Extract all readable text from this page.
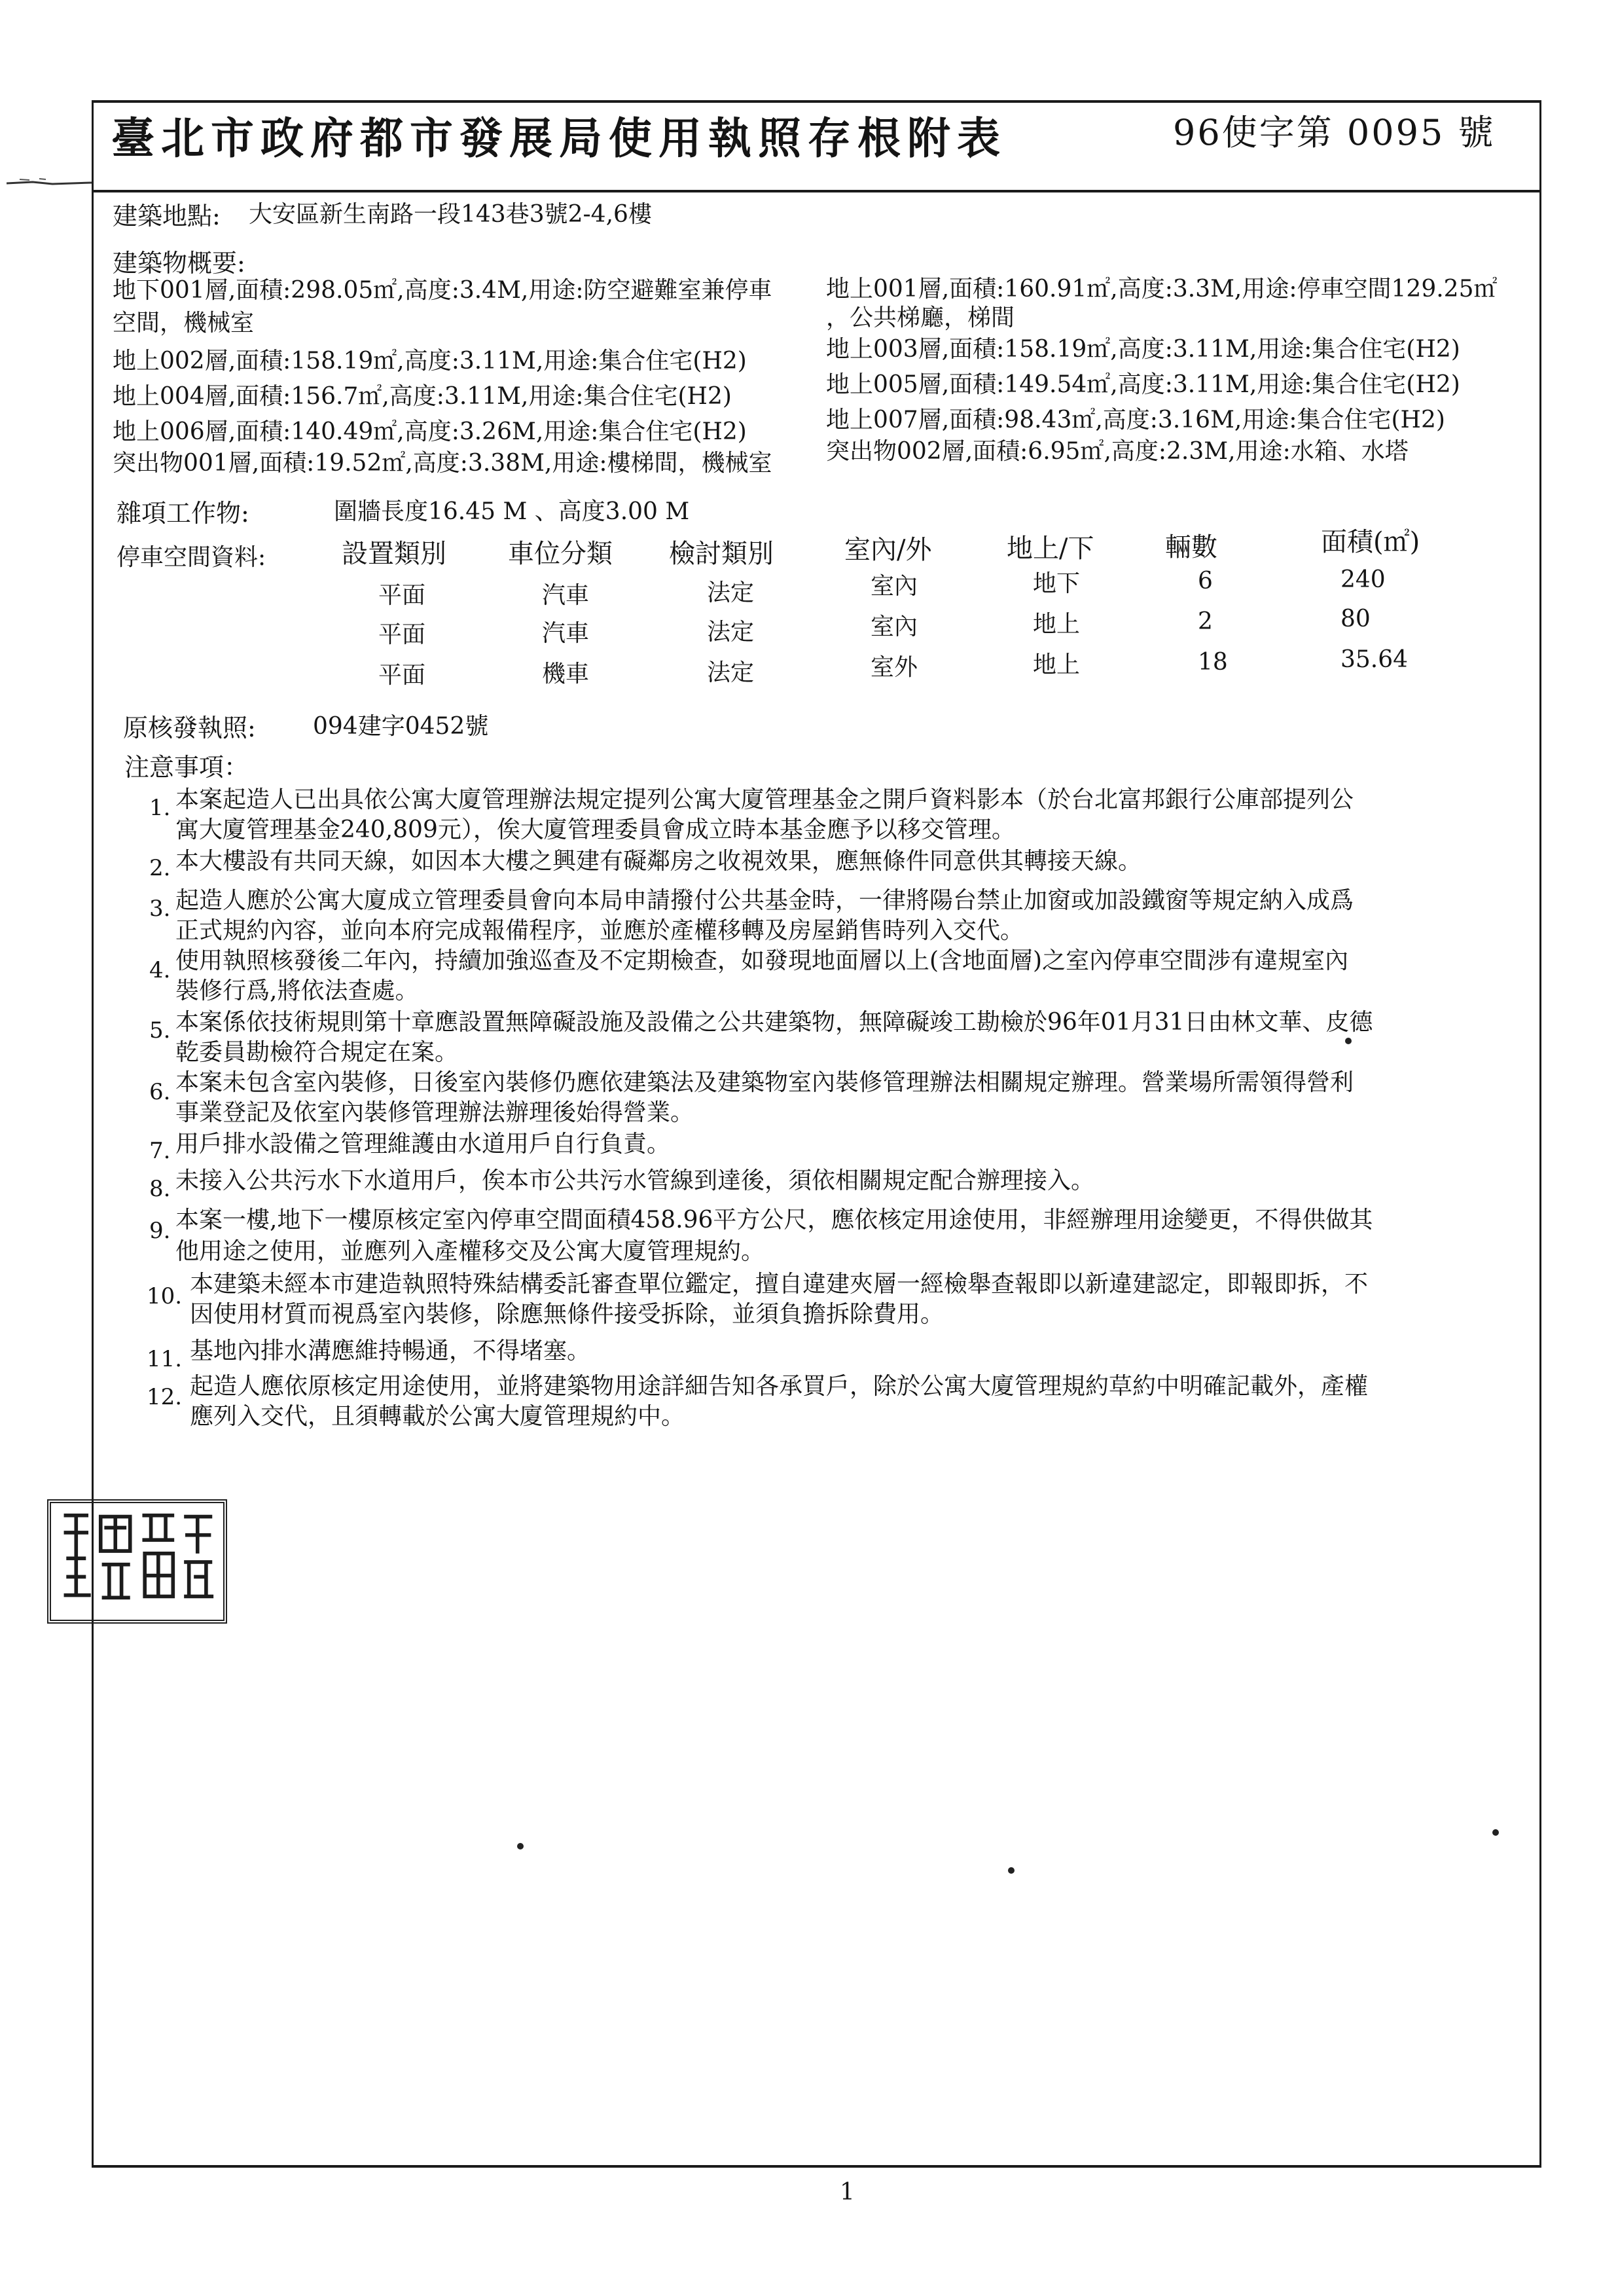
臺北市政府都市發展局使用執照存根附表	96使字第 0095 號
建築地點: 大安區新生南路一段143巷3號2-4,6樓
建築物概要:
地下001層,面積:298.05㎡,高度:3.4M,用途:防空避難室兼停車
空間，機械室
地上002層,面積:158.19㎡,高度:3.11M,用途:集合住宅(H2)
地上004層,面積:156.7㎡,高度:3.11M,用途:集合住宅(H2)
地上006層,面積:140.49㎡,高度:3.26M,用途:集合住宅(H2)
突出物001層,面積:19.52㎡,高度:3.38M,用途:樓梯間，機械室
地上001層,面積:160.91㎡,高度:3.3M,用途:停車空間129.25㎡
，公共梯廳，梯間
地上003層,面積:158.19㎡,高度:3.11M,用途:集合住宅(H2)
地上005層,面積:149.54㎡,高度:3.11M,用途:集合住宅(H2)
地上007層,面積:98.43㎡,高度:3.16M,用途:集合住宅(H2)
突出物002層,面積:6.95㎡,高度:2.3M,用途:水箱、水塔
雜項工作物:	圍牆長度16.45 M 、高度3.00 M
停車空間資料:	設置類別 車位分類 檢討類別	室內/外	地上/下	輛數	面積(㎡)
平面	汽車	法定	室內	地下	6	240
平面	汽車	法定	室內	地上	2	80
平面	機車	法定	室外	地上	18	35.64
原核發執照: 094建字0452號
注意事項：
1. 本案起造人已出具依公寓大廈管理辦法規定提列公寓大廈管理基金之開戶資料影本（於台北富邦銀行公庫部提列公
寓大廈管理基金240,809元），俟大廈管理委員會成立時本基金應予以移交管理。
2. 本大樓設有共同天線，如因本大樓之興建有礙鄰房之收視效果，應無條件同意供其轉接天線。
3. 起造人應於公寓大廈成立管理委員會向本局申請撥付公共基金時，一律將陽台禁止加窗或加設鐵窗等規定納入成爲
正式規約內容，並向本府完成報備程序，並應於產權移轉及房屋銷售時列入交代。
4. 使用執照核發後二年內，持續加強巡查及不定期檢查，如發現地面層以上(含地面層)之室內停車空間涉有違規室內
裝修行爲,將依法查處。
5. 本案係依技術規則第十章應設置無障礙設施及設備之公共建築物，無障礙竣工勘檢於96年01月31日由林文華、皮德
乾委員勘檢符合規定在案。
6. 本案未包含室內裝修，日後室內裝修仍應依建築法及建築物室內裝修管理辦法相關規定辦理。營業場所需領得營利
事業登記及依室內裝修管理辦法辦理後始得營業。
7. 用戶排水設備之管理維護由水道用戶自行負責。
8. 未接入公共污水下水道用戶，俟本市公共污水管線到達後，須依相關規定配合辦理接入。
9. 本案一樓,地下一樓原核定室內停車空間面積458.96平方公尺，應依核定用途使用，非經辦理用途變更，不得供做其
他用途之使用，並應列入產權移交及公寓大廈管理規約。
10. 本建築未經本市建造執照特殊結構委託審查單位鑑定，擅自違建夾層一經檢舉查報即以新違建認定，即報即拆，不
因使用材質而視爲室內裝修，除應無條件接受拆除，並須負擔拆除費用。
11. 基地內排水溝應維持暢通，不得堵塞。
12. 起造人應依原核定用途使用，並將建築物用途詳細告知各承買戶，除於公寓大廈管理規約草約中明確記載外，產權
應列入交代，且須轉載於公寓大廈管理規約中。
1
